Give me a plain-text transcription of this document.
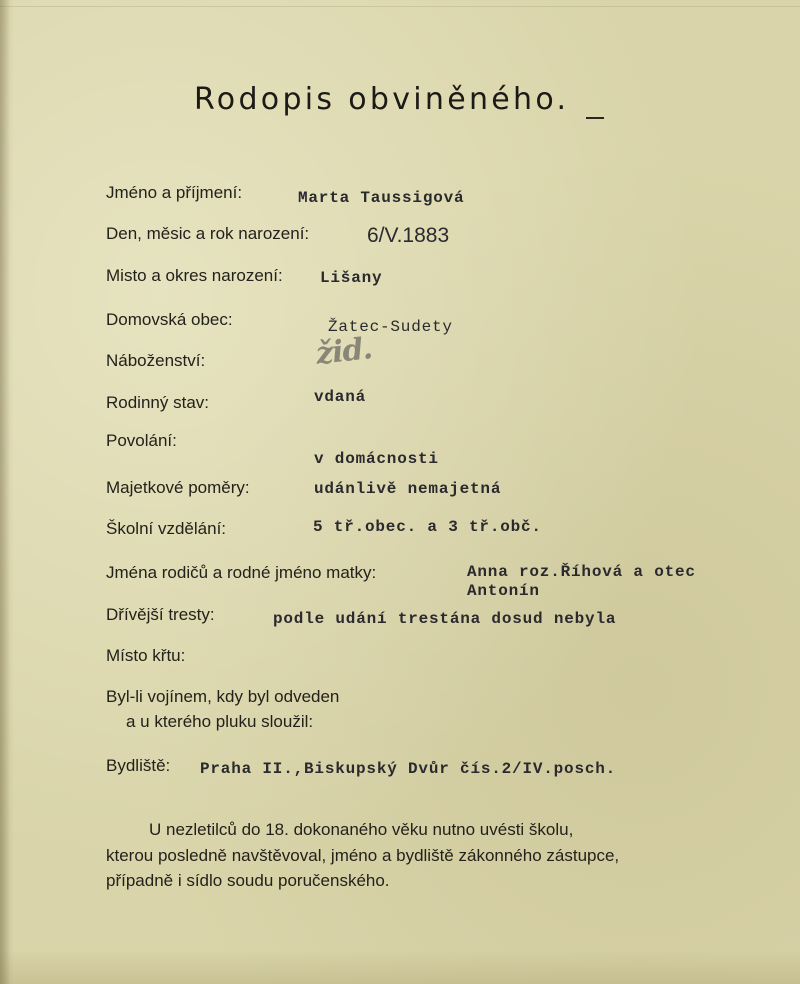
Rodopis obviněného.
Jméno a příjmení:	Marta Taussigová
Den, měsic a rok narození:	6/V.1883
Misto a okres narození: Lišany
Domovská obec:	Žatec-Sudety
Náboženství:	žid.
Rodinný stav:	vdaná
Povolání:
v domácnosti
Majetkové poměry:	udánlivě nemajetná
Školní vzdělání:	5 tř.obec. a 3 tř.obč.
Jména rodičů a rodné jméno matky:	Anna roz.Říhová a otec
Antonín
Dřívější tresty:	podle udání trestána dosud nebyla
Místo křtu:
Byl-li vojínem, kdy byl odveden
a u kterého pluku sloužil:
Bydliště: Praha II.,Biskupský Dvůr čís.2/IV.posch.
U nezletilců do 18. dokonaného věku nutno uvésti školu,
kterou posledně navštěvoval, jméno a bydliště zákonného zástupce,
případně i sídlo soudu poručenského.
